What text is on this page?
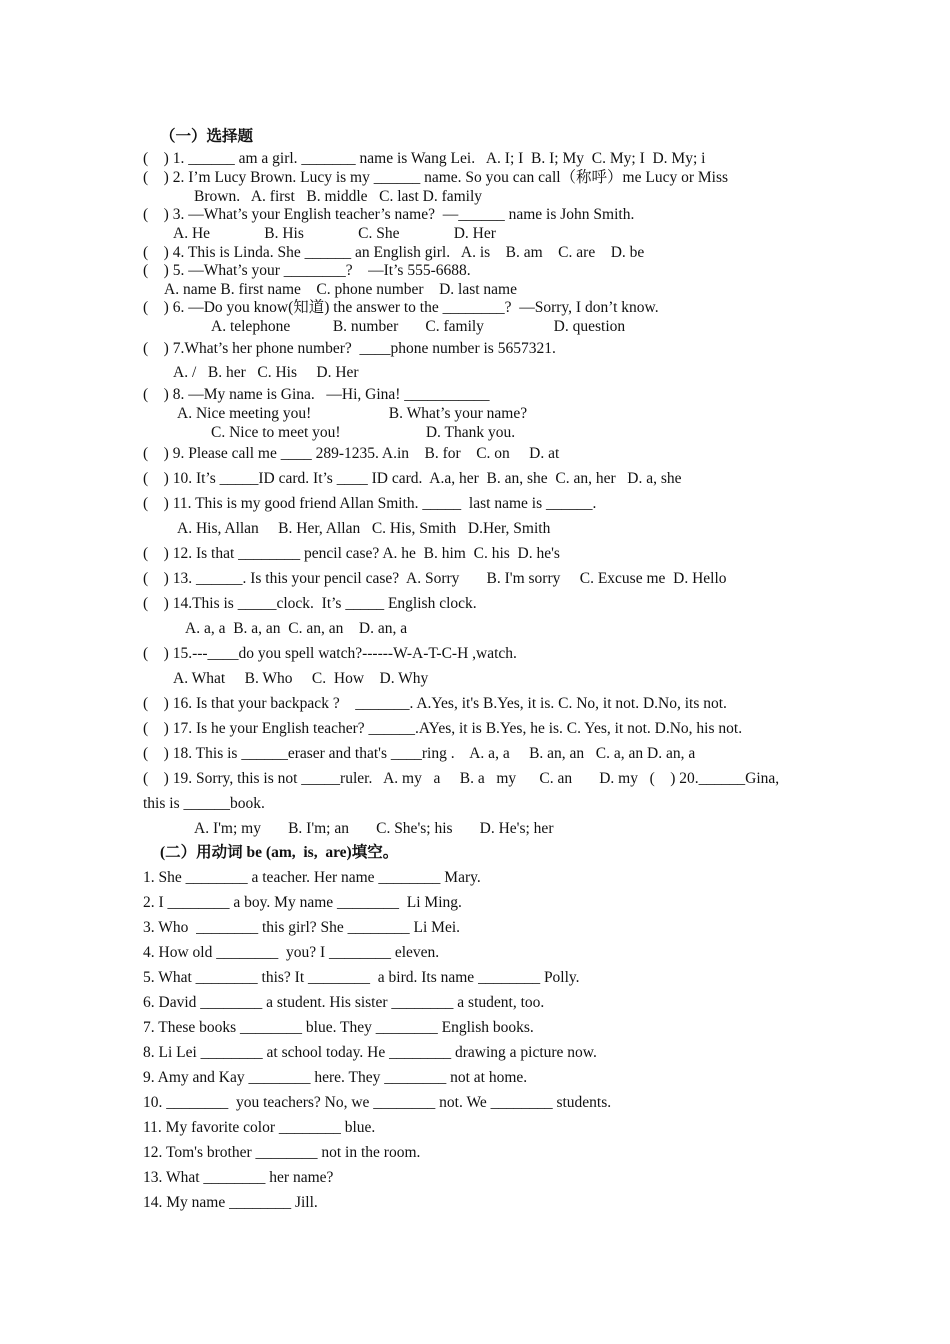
（一）选择题
(    ) 1. ______ am a girl. _______ name is Wang Lei.   A. I; I  B. I; My  C. My; I  D. My; i
(    ) 2. I’m Lucy Brown. Lucy is my ______ name. So you can call（称呼）me Lucy or Miss
Brown.   A. first   B. middle   C. last D. family
(    ) 3. —What’s your English teacher’s name?  —______ name is John Smith.
A. He              B. His              C. She              D. Her
(    ) 4. This is Linda. She ______ an English girl.   A. is    B. am    C. are    D. be
(    ) 5. —What’s your ________?    —It’s 555-6688.
A. name B. first name    C. phone number    D. last name
(    ) 6. —Do you know(知道) the answer to the ________?  —Sorry, I don’t know.
A. telephone           B. number       C. family                  D. question
(    ) 7.What’s her phone number?  ____phone number is 5657321.
A. /   B. her   C. His     D. Her
(    ) 8. —My name is Gina.   —Hi, Gina! ___________
A. Nice meeting you!                    B. What’s your name?
C. Nice to meet you!                      D. Thank you.
(    ) 9. Please call me ____ 289-1235. A.in    B. for    C. on     D. at
(    ) 10. It’s _____ID card. It’s ____ ID card.  A.a, her  B. an, she  C. an, her   D. a, she
(    ) 11. This is my good friend Allan Smith. _____  last name is ______.
A. His, Allan     B. Her, Allan   C. His, Smith   D.Her, Smith
(    ) 12. Is that ________ pencil case? A. he  B. him  C. his  D. he's
(    ) 13. ______. Is this your pencil case?  A. Sorry       B. I'm sorry     C. Excuse me  D. Hello
(    ) 14.This is _____clock.  It’s _____ English clock.
A. a, a  B. a, an  C. an, an    D. an, a
(    ) 15.---____do you spell watch?------W-A-T-C-H ,watch.
A. What     B. Who     C.  How    D. Why
(    ) 16. Is that your backpack ?    _______. A.Yes, it's B.Yes, it is. C. No, it not. D.No, its not.
(    ) 17. Is he your English teacher? ______.AYes, it is B.Yes, he is. C. Yes, it not. D.No, his not.
(    ) 18. This is ______eraser and that's ____ring .    A. a, a     B. an, an   C. a, an D. an, a
(    ) 19. Sorry, this is not _____ruler.   A. my   a     B. a   my      C. an       D. my   (    ) 20.______Gina,
this is ______book.
A. I'm; my       B. I'm; an       C. She's; his       D. He's; her
(二）用动词 be (am,  is,  are)填空。
1. She ________ a teacher. Her name ________ Mary.
2. I ________ a boy. My name ________  Li Ming.
3. Who  ________ this girl? She ________ Li Mei.
4. How old ________  you? I ________ eleven.
5. What ________ this? It ________  a bird. Its name ________ Polly.
6. David ________ a student. His sister ________ a student, too.
7. These books ________ blue. They ________ English books.
8. Li Lei ________ at school today. He ________ drawing a picture now.
9. Amy and Kay ________ here. They ________ not at home.
10. ________  you teachers? No, we ________ not. We ________ students.
11. My favorite color ________ blue.
12. Tom's brother ________ not in the room.
13. What ________ her name?
14. My name ________ Jill.
